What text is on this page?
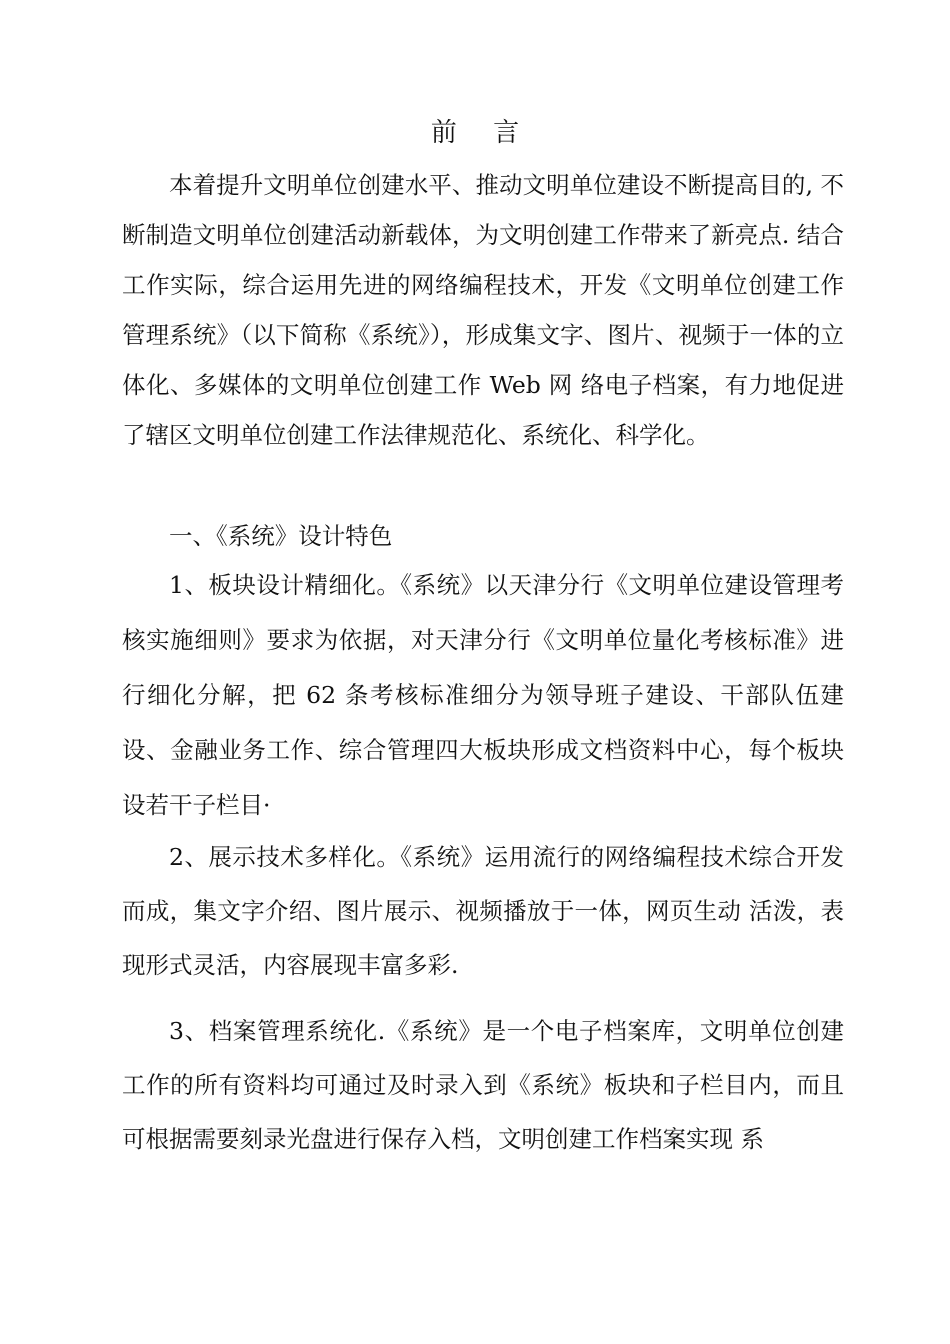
前 言

本着提升文明单位创建水平、推动文明单位建设不断提高目的, 不断制造文明单位创建活动新载体，为文明创建工作带来了新亮点. 结合工作实际，综合运用先进的网络编程技术，开发《文明单位创建工作管理系统》（以下简称《系统》），形成集文字、图片、视频于一体的立体化、多媒体的文明单位创建工作 Web 网 络电子档案，有力地促进了辖区文明单位创建工作法律规范化、系统化、科学化。

一、《系统》设计特色

1、板块设计精细化。《系统》以天津分行《文明单位建设管理考核实施细则》要求为依据，对天津分行《文明单位量化考核标准》进行细化分解，把 62 条考核标准细分为领导班子建设、干部队伍建设、金融业务工作、综合管理四大板块形成文档资料中心，每个板块设若干子栏目·

2、展示技术多样化。《系统》运用流行的网络编程技术综合开发而成，集文字介绍、图片展示、视频播放于一体，网页生动 活泼，表现形式灵活，内容展现丰富多彩.

3、档案管理系统化.《系统》是一个电子档案库，文明单位创建工作的所有资料均可通过及时录入到《系统》板块和子栏目内，而且可根据需要刻录光盘进行保存入档，文明创建工作档案实现 系
